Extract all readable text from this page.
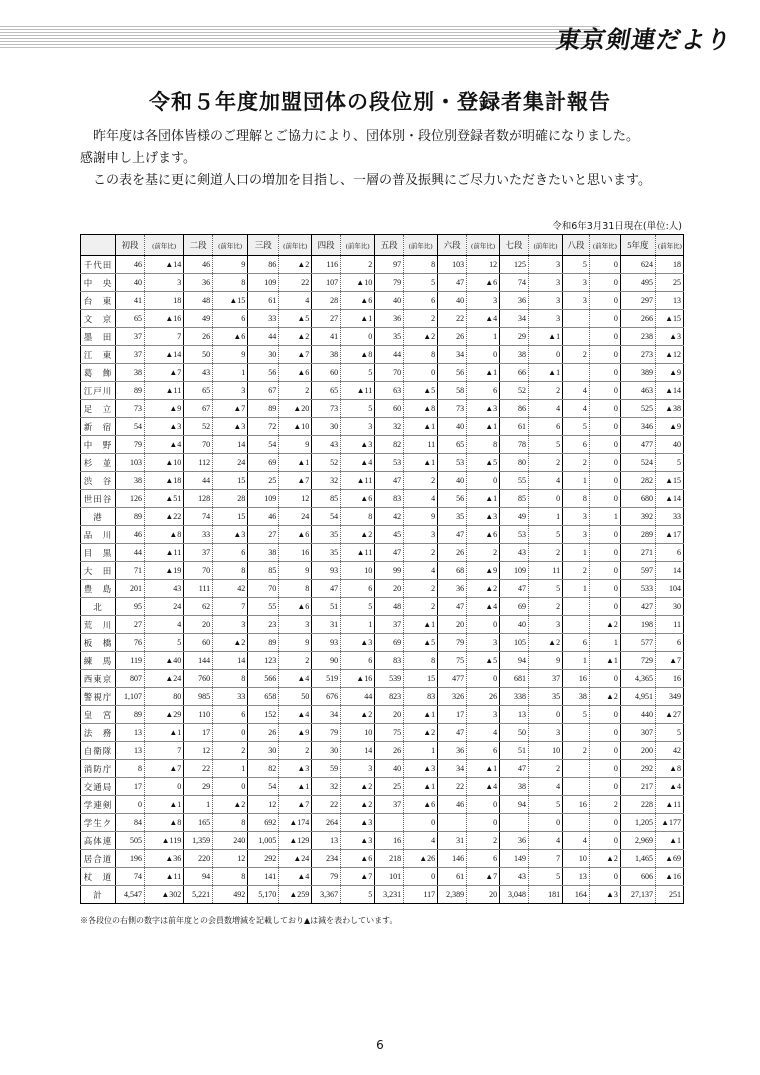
東京剣連だより
令和５年度加盟団体の段位別・登録者集計報告

昨年度は各団体皆様のご理解とご協力により、団体別・段位別登録者数が明確になりました。

感謝申し上げます。

この表を基に更に剣道人口の増加を目指し、一層の普及振興にご尽力いただきたいと思います。

令和6年3月31日現在(単位:人)
	初段	(前年比)	二段	(前年比)	三段	(前年比)	四段	(前年比)	五段	(前年比)	六段	(前年比)	七段	(前年比)	八段	(前年比)	5年度	(前年比)
千代田	46	▲14	46	9	86	▲2	116	2	97	8	103	12	125	3	5	0	624	18
中　央	40	3	36	8	109	22	107	▲10	79	5	47	▲6	74	3	3	0	495	25
台　東	41	18	48	▲15	61	4	28	▲6	40	6	40	3	36	3	3	0	297	13
文　京	65	▲16	49	6	33	▲5	27	▲1	36	2	22	▲4	34	3		0	266	▲15
墨　田	37	7	26	▲6	44	▲2	41	0	35	▲2	26	1	29	▲1		0	238	▲3
江　東	37	▲14	50	9	30	▲7	38	▲8	44	8	34	0	38	0	2	0	273	▲12
葛　飾	38	▲7	43	1	56	▲6	60	5	70	0	56	▲1	66	▲1		0	389	▲9
江戸川	89	▲11	65	3	67	2	65	▲11	63	▲5	58	6	52	2	4	0	463	▲14
足　立	73	▲9	67	▲7	89	▲20	73	5	60	▲8	73	▲3	86	4	4	0	525	▲38
新　宿	54	▲3	52	▲3	72	▲10	30	3	32	▲1	40	▲1	61	6	5	0	346	▲9
中　野	79	▲4	70	14	54	9	43	▲3	82	11	65	8	78	5	6	0	477	40
杉　並	103	▲10	112	24	69	▲1	52	▲4	53	▲1	53	▲5	80	2	2	0	524	5
渋　谷	38	▲18	44	15	25	▲7	32	▲11	47	2	40	0	55	4	1	0	282	▲15
世田谷	126	▲51	128	28	109	12	85	▲6	83	4	56	▲1	85	0	8	0	680	▲14
港	89	▲22	74	15	46	24	54	8	42	9	35	▲3	49	1	3	1	392	33
品　川	46	▲8	33	▲3	27	▲6	35	▲2	45	3	47	▲6	53	5	3	0	289	▲17
目　黒	44	▲11	37	6	38	16	35	▲11	47	2	26	2	43	2	1	0	271	6
大　田	71	▲19	70	8	85	9	93	10	99	4	68	▲9	109	11	2	0	597	14
豊　島	201	43	111	42	70	8	47	6	20	2	36	▲2	47	5	1	0	533	104
北	95	24	62	7	55	▲6	51	5	48	2	47	▲4	69	2		0	427	30
荒　川	27	4	20	3	23	3	31	1	37	▲1	20	0	40	3		▲2	198	11
板　橋	76	5	60	▲2	89	9	93	▲3	69	▲5	79	3	105	▲2	6	1	577	6
練　馬	119	▲40	144	14	123	2	90	6	83	8	75	▲5	94	9	1	▲1	729	▲7
西東京	807	▲24	760	8	566	▲4	519	▲16	539	15	477	0	681	37	16	0	4,365	16
警視庁	1,107	80	985	33	658	50	676	44	823	83	326	26	338	35	38	▲2	4,951	349
皇　宮	89	▲29	110	6	152	▲4	34	▲2	20	▲1	17	3	13	0	5	0	440	▲27
法　務	13	▲1	17	0	26	▲9	79	10	75	▲2	47	4	50	3		0	307	5
自衛隊	13	7	12	2	30	2	30	14	26	1	36	6	51	10	2	0	200	42
消防庁	8	▲7	22	1	82	▲3	59	3	40	▲3	34	▲1	47	2		0	292	▲8
交通局	17	0	29	0	54	▲1	32	▲2	25	▲1	22	▲4	38	4		0	217	▲4
学連剣	0	▲1	1	▲2	12	▲7	22	▲2	37	▲6	46	0	94	5	16	2	228	▲11
学生ク	84	▲8	165	8	692	▲174	264	▲3		0		0		0		0	1,205	▲177
高体連	505	▲119	1,359	240	1,005	▲129	13	▲3	16	4	31	2	36	4	4	0	2,969	▲1
居合道	196	▲36	220	12	292	▲24	234	▲6	218	▲26	146	6	149	7	10	▲2	1,465	▲69
杖　道	74	▲11	94	8	141	▲4	79	▲7	101	0	61	▲7	43	5	13	0	606	▲16
計	4,547	▲302	5,221	492	5,170	▲259	3,367	5	3,231	117	2,389	20	3,048	181	164	▲3	27,137	251
※各段位の右側の数字は前年度との会員数増減を記載しており▲は減を表わしています。
6
